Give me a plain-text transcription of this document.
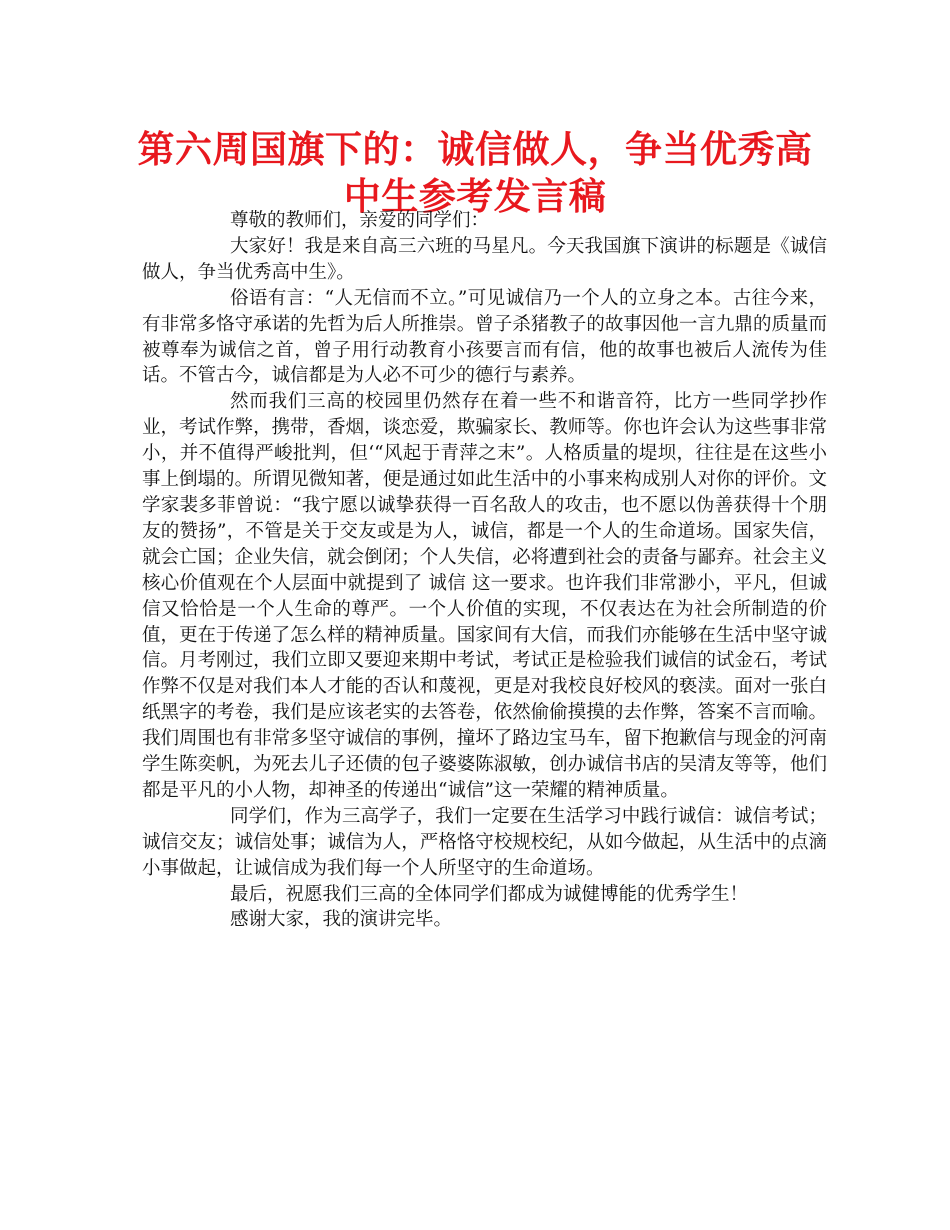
第六周国旗下的：诚信做人，争当优秀高中生参考发言稿

尊敬的教师们，亲爱的同学们：

大家好！我是来自高三六班的马星凡。今天我国旗下演讲的标题是《诚信做人，争当优秀高中生》。

俗语有言：“人无信而不立。”可见诚信乃一个人的立身之本。古往今来，有非常多恪守承诺的先哲为后人所推崇。曾子杀猪教子的故事因他一言九鼎的质量而被尊奉为诚信之首，曾子用行动教育小孩要言而有信，他的故事也被后人流传为佳话。不管古今，诚信都是为人必不可少的德行与素养。

然而我们三高的校园里仍然存在着一些不和谐音符，比方一些同学抄作业，考试作弊，携带，香烟，谈恋爱，欺骗家长、教师等。你也许会认为这些事非常小，并不值得严峻批判，但‘“风起于青萍之末”。人格质量的堤坝，往往是在这些小事上倒塌的。所谓见微知著，便是通过如此生活中的小事来构成别人对你的评价。文学家裴多菲曾说：“我宁愿以诚挚获得一百名敌人的攻击，也不愿以伪善获得十个朋友的赞扬”，不管是关于交友或是为人，诚信，都是一个人的生命道场。国家失信，就会亡国；企业失信，就会倒闭；个人失信，必将遭到社会的责备与鄙弃。社会主义核心价值观在个人层面中就提到了 诚信 这一要求。也许我们非常渺小，平凡，但诚信又恰恰是一个人生命的尊严。一个人价值的实现，不仅表达在为社会所制造的价值，更在于传递了怎么样的精神质量。国家间有大信，而我们亦能够在生活中坚守诚信。月考刚过，我们立即又要迎来期中考试，考试正是检验我们诚信的试金石，考试作弊不仅是对我们本人才能的否认和蔑视，更是对我校良好校风的亵渎。面对一张白纸黑字的考卷，我们是应该老实的去答卷，依然偷偷摸摸的去作弊，答案不言而喻。我们周围也有非常多坚守诚信的事例，撞坏了路边宝马车，留下抱歉信与现金的河南学生陈奕帆，为死去儿子还债的包子婆婆陈淑敏，创办诚信书店的吴清友等等，他们都是平凡的小人物，却神圣的传递出“诚信”这一荣耀的精神质量。

同学们，作为三高学子，我们一定要在生活学习中践行诚信：诚信考试；诚信交友；诚信处事；诚信为人，严格恪守校规校纪，从如今做起，从生活中的点滴小事做起，让诚信成为我们每一个人所坚守的生命道场。

最后，祝愿我们三高的全体同学们都成为诚健博能的优秀学生！

感谢大家，我的演讲完毕。
